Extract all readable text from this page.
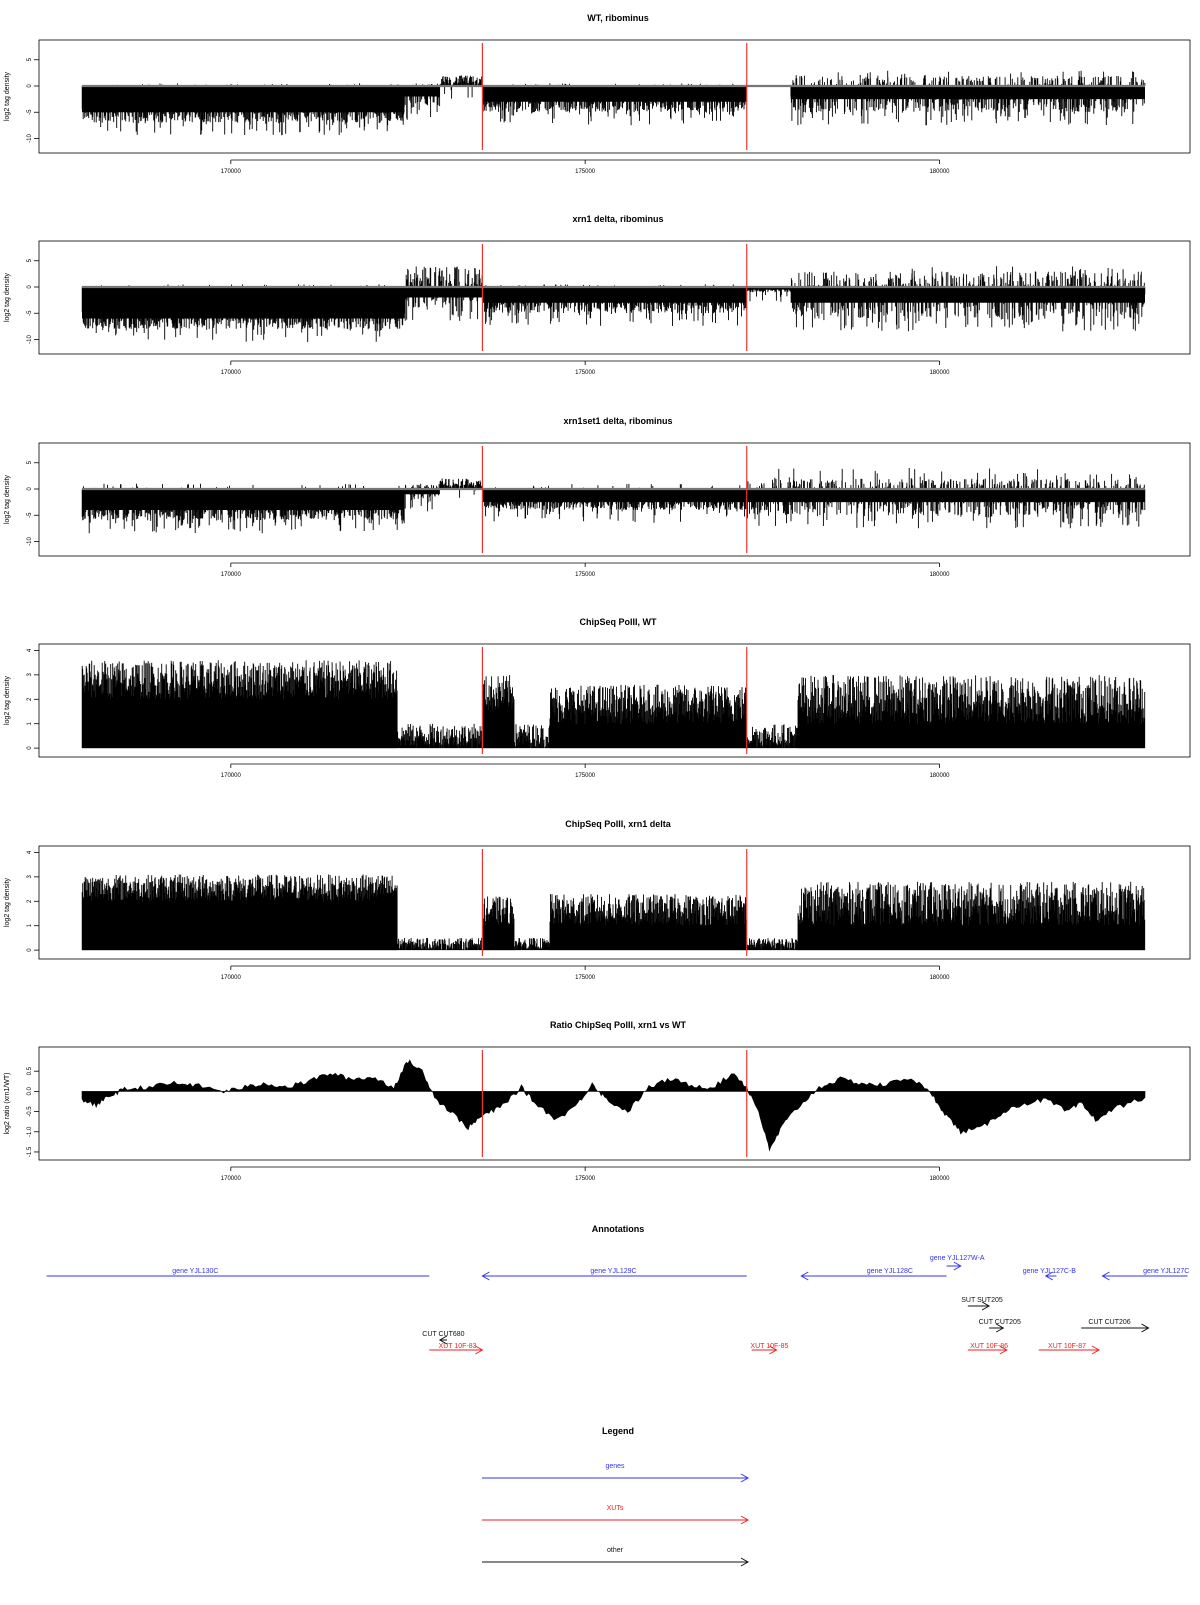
WT, ribominus
log2 tag density
5
0
-5
-10
170000	175000	180000
xrn1 delta, ribominus
log2 tag density
5
0
-5
-10
170000	175000	180000
xrn1set1 delta, ribominus
log2 tag density
5
0
-5
-10
170000	175000	180000
ChipSeq PolII, WT
log2 tag density
0
1
2
3
4
170000	175000	180000
ChipSeq PolII, xrn1 delta
log2 tag density
0
1
2
3
4
170000	175000	180000
Ratio ChipSeq PolII, xrn1 vs WT
log2 ratio (xrn1/WT)
0.5
0.0
-0.5
-1.0
-1.5
170000	175000	180000
Annotations
gene YJL130C	gene YJL129C	gene YJL128C
gene YJL127W-A
gene YJL127C-B	gene YJL127C
SUT SUT205
CUT CUT205	CUT CUT206
CUT CUT680
XUT 10F-83	XUT 10F-85	XUT 10F-86	XUT 10F-87
Legend
genes
XUTs
other
